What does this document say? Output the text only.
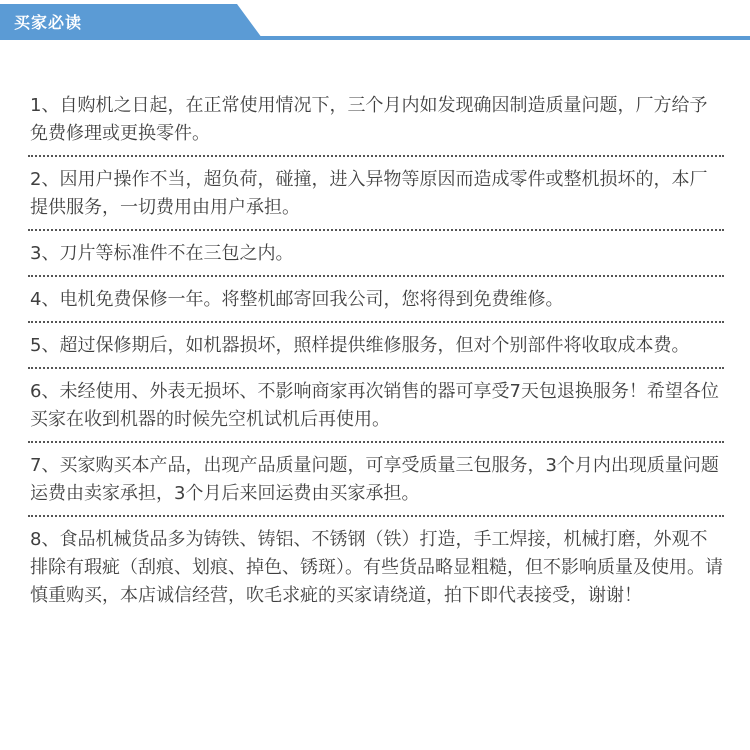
买家必读
1、自购机之日起，在正常使用情况下，三个月内如发现确因制造质量问题，厂方给予免费修理或更换零件。
2、因用户操作不当，超负荷，碰撞，进入异物等原因而造成零件或整机损坏的，本厂提供服务，一切费用由用户承担。
3、刀片等标准件不在三包之内。
4、电机免费保修一年。将整机邮寄回我公司，您将得到免费维修。
5、超过保修期后，如机器损坏，照样提供维修服务，但对个别部件将收取成本费。
6、未经使用、外表无损坏、不影响商家再次销售的器可享受7天包退换服务！希望各位买家在收到机器的时候先空机试机后再使用。
7、买家购买本产品，出现产品质量问题，可享受质量三包服务，3个月内出现质量问题运费由卖家承担，3个月后来回运费由买家承担。
8、食品机械货品多为铸铁、铸铝、不锈钢（铁）打造，手工焊接，机械打磨，外观不排除有瑕疵（刮痕、划痕、掉色、锈斑）。有些货品略显粗糙，但不影响质量及使用。请慎重购买，本店诚信经营，吹毛求疵的买家请绕道，拍下即代表接受，谢谢！
